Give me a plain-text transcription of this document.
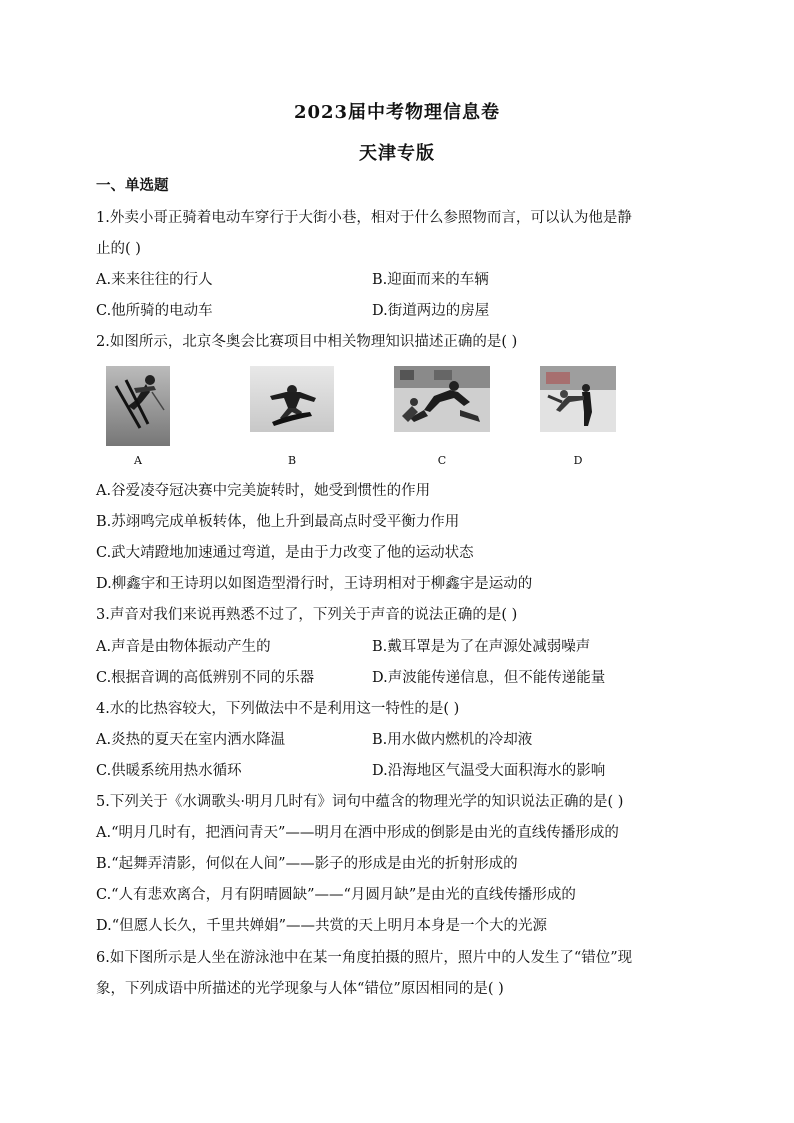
2023届中考物理信息卷
天津专版
一、单选题
1.外卖小哥正骑着电动车穿行于大街小巷，相对于什么参照物而言，可以认为他是静
止的( )
A.来来往往的行人	B.迎面而来的车辆
C.他所骑的电动车	D.街道两边的房屋
2.如图所示，北京冬奥会比赛项目中相关物理知识描述正确的是( )
A	B	C	D
A.谷爱凌夺冠决赛中完美旋转时，她受到惯性的作用
B.苏翊鸣完成单板转体，他上升到最高点时受平衡力作用
C.武大靖蹬地加速通过弯道，是由于力改变了他的运动状态
D.柳鑫宇和王诗玥以如图造型滑行时，王诗玥相对于柳鑫宇是运动的
3.声音对我们来说再熟悉不过了，下列关于声音的说法正确的是( )
A.声音是由物体振动产生的	B.戴耳罩是为了在声源处减弱噪声
C.根据音调的高低辨别不同的乐器	D.声波能传递信息，但不能传递能量
4.水的比热容较大，下列做法中不是利用这一特性的是( )
A.炎热的夏天在室内洒水降温	B.用水做内燃机的冷却液
C.供暖系统用热水循环	D.沿海地区气温受大面积海水的影响
5.下列关于《水调歌头·明月几时有》词句中蕴含的物理光学的知识说法正确的是( )
A.“明月几时有，把酒问青天”——明月在酒中形成的倒影是由光的直线传播形成的
B.“起舞弄清影，何似在人间”——影子的形成是由光的折射形成的
C.“人有悲欢离合，月有阴晴圆缺”——“月圆月缺”是由光的直线传播形成的
D.“但愿人长久，千里共婵娟”——共赏的天上明月本身是一个大的光源
6.如下图所示是人坐在游泳池中在某一角度拍摄的照片，照片中的人发生了“错位”现
象，下列成语中所描述的光学现象与人体“错位”原因相同的是( )
